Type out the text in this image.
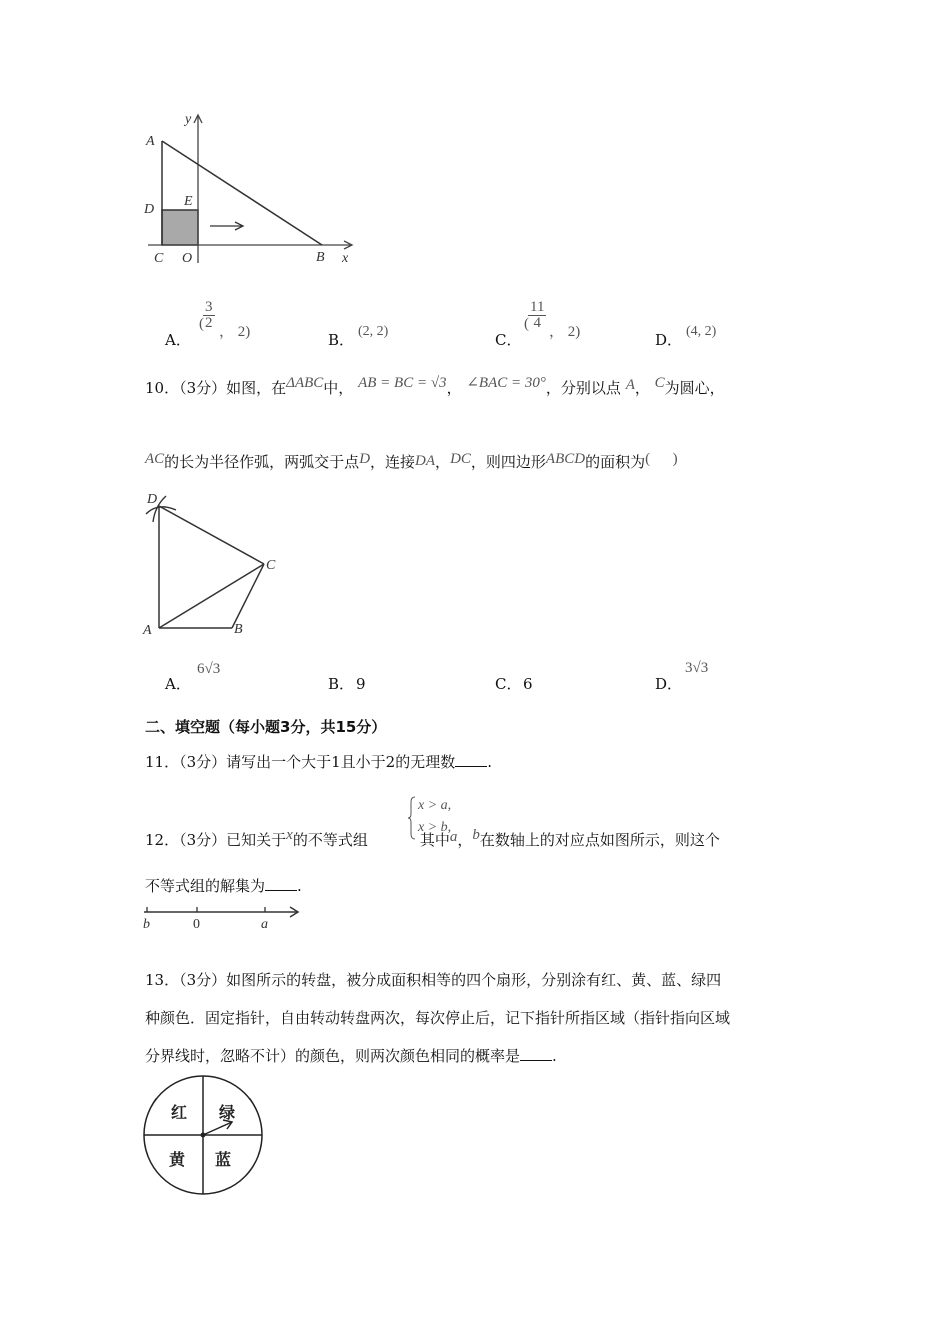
y
A
D
E
C O	B x
A．
( $\frac{3}{2}$
， 2)	B． (2, 2)	C．
( $\frac{11}{4}$
， 2)	D． (4, 2)
10．（3分）如图，在ΔABC中， AB = BC = √3， ∠BAC = 30°，分别以点 A， C为圆心，
AC的长为半径作弧，两弧交于点D，连接DA，DC，则四边形ABCD的面积为(      )
D
C
A	B
A．
6√3
B． 9	C． 6	D．
3√3
二、填空题（每小题3分，共15分）
11．（3分）请写出一个大于1且小于2的无理数 .
x > a,
x > b,
12．（3分）已知关于x的不等式组	其中a，b在数轴上的对应点如图所示，则这个
不等式组的解集为 .
b	0	a
13．（3分）如图所示的转盘，被分成面积相等的四个扇形，分别涂有红、黄、蓝、绿四
种颜色．固定指针，自由转动转盘两次，每次停止后，记下指针所指区域（指针指向区域
分界线时，忽略不计）的颜色，则两次颜色相同的概率是 .
红 绿
黄 蓝
